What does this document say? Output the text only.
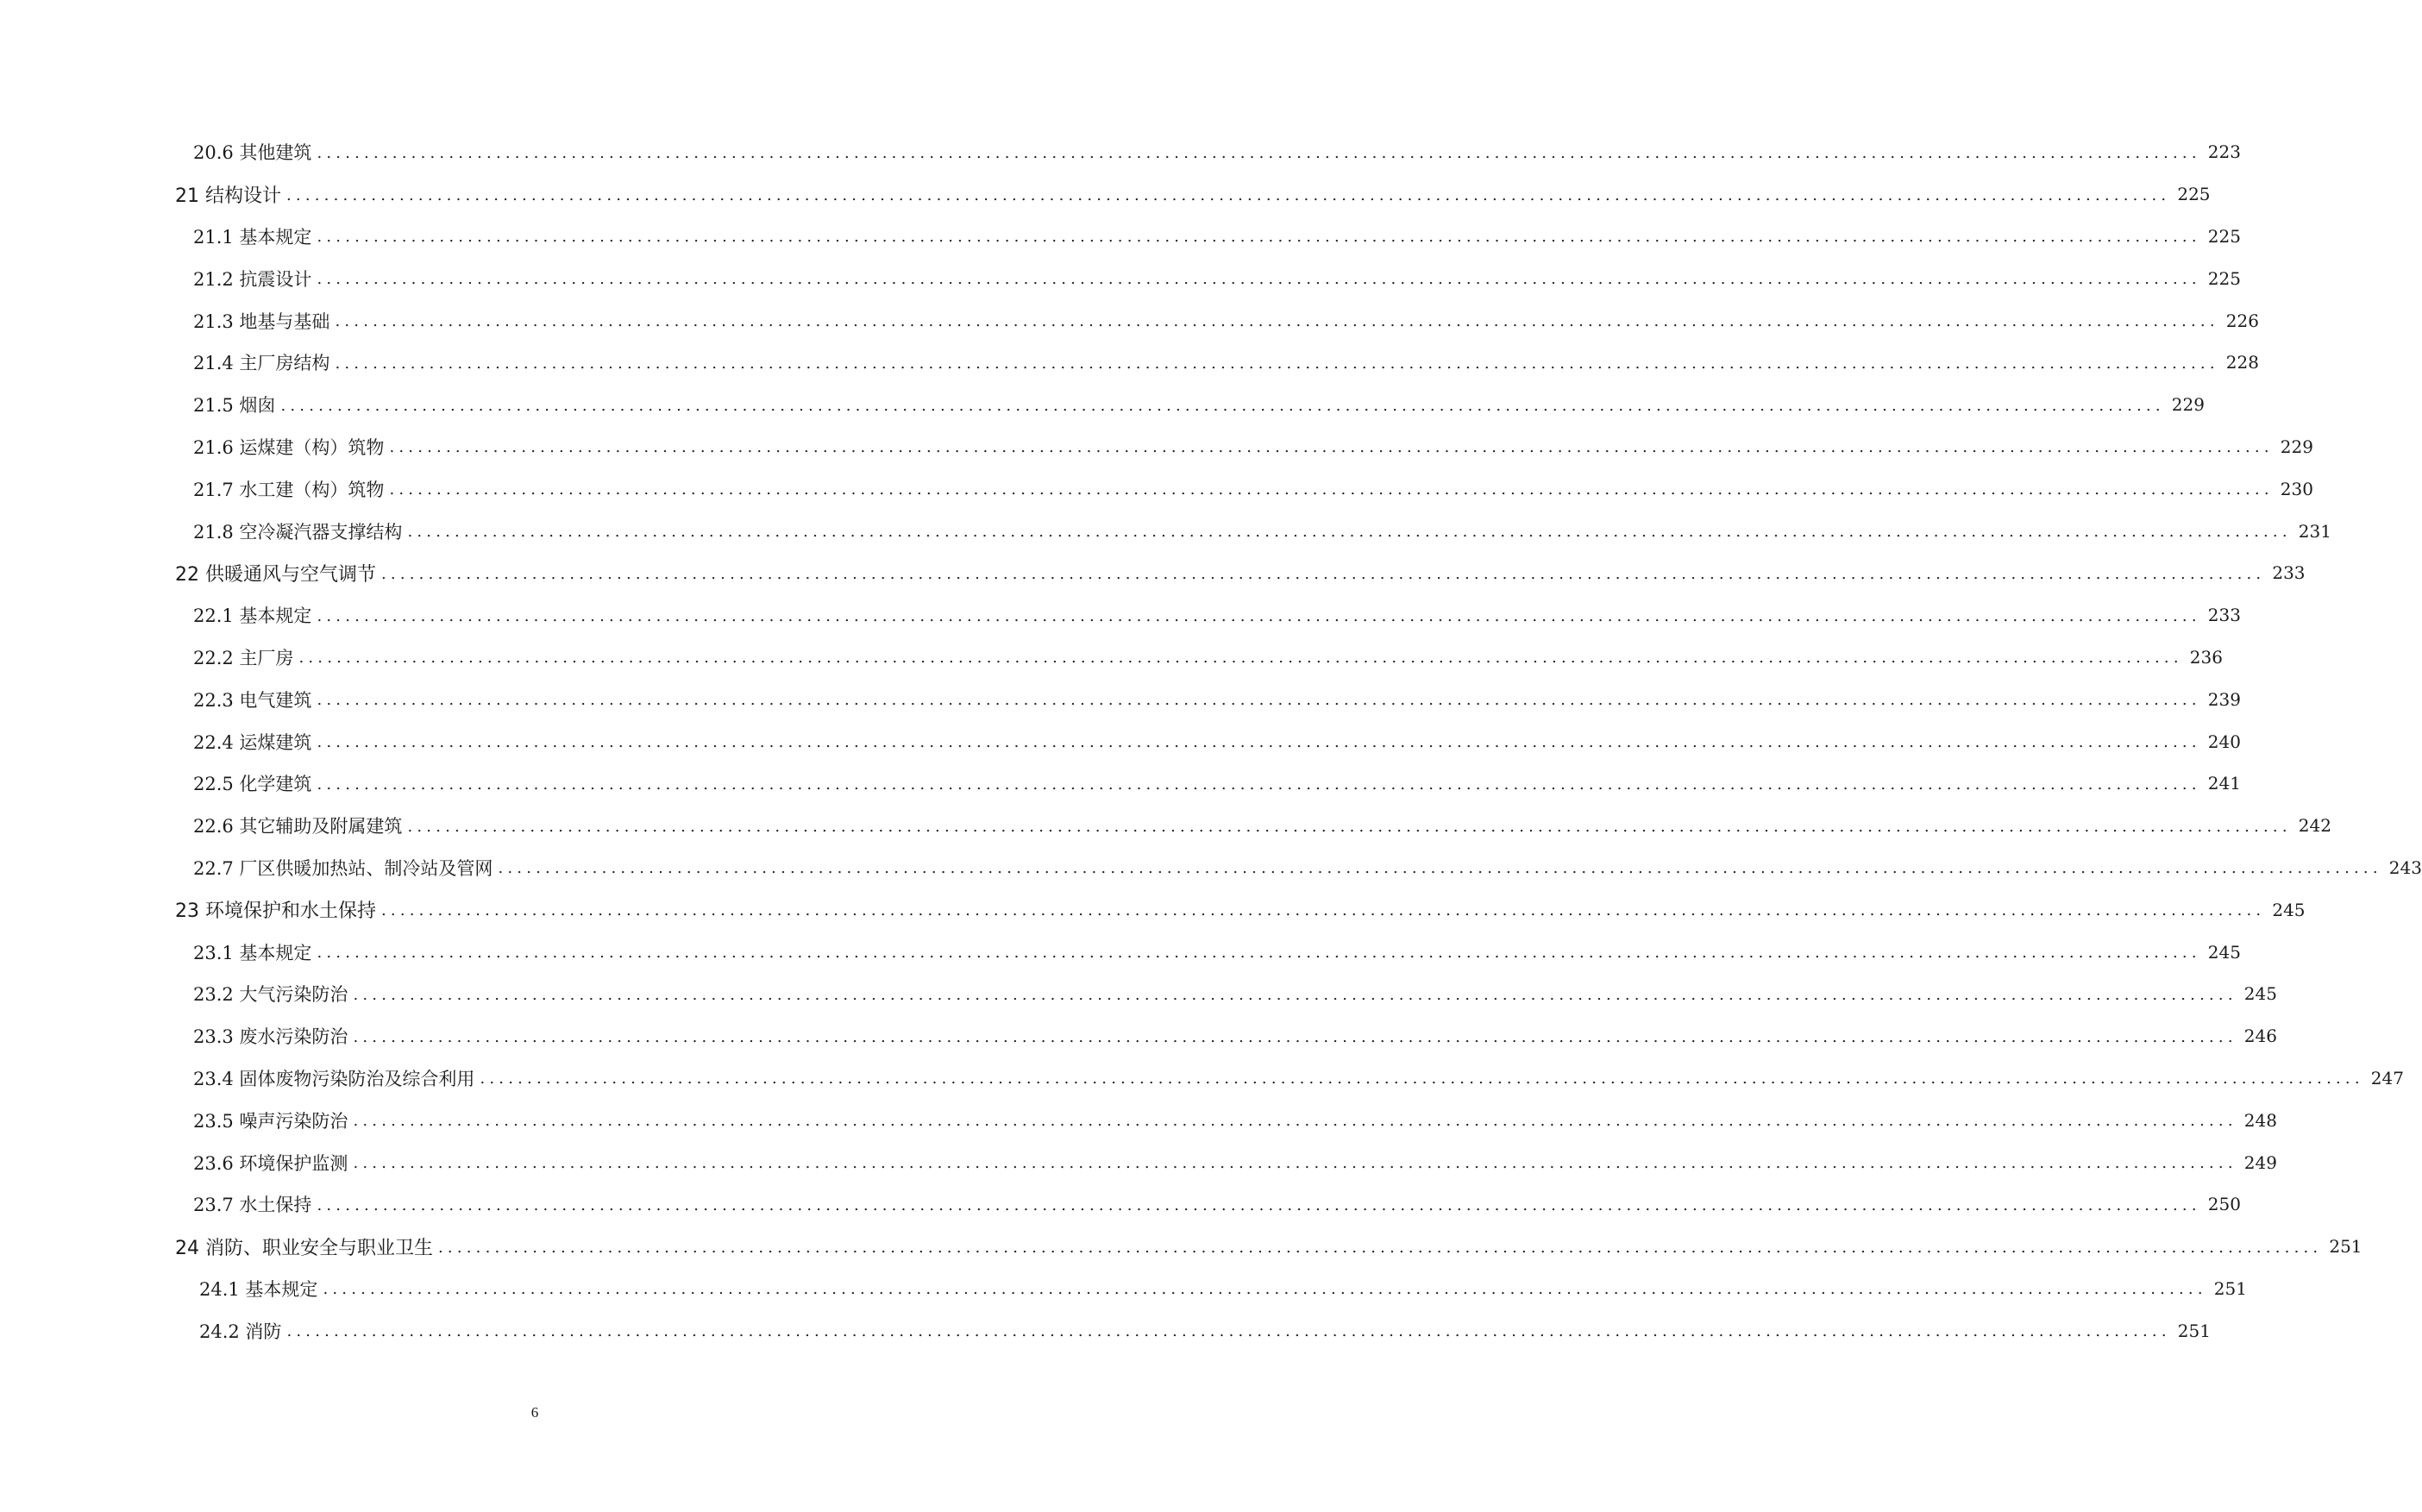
20.6 其他建筑 ........................................................................................................................................................................................................ 223
21 结构设计 ........................................................................................................................................................................................................ 225
21.1 基本规定 ........................................................................................................................................................................................................ 225
21.2 抗震设计 ........................................................................................................................................................................................................ 225
21.3 地基与基础 ........................................................................................................................................................................................................ 226
21.4 主厂房结构 ........................................................................................................................................................................................................ 228
21.5 烟囱 ........................................................................................................................................................................................................ 229
21.6 运煤建（构）筑物 ........................................................................................................................................................................................................ 229
21.7 水工建（构）筑物 ........................................................................................................................................................................................................ 230
21.8 空冷凝汽器支撑结构 ........................................................................................................................................................................................................ 231
22 供暖通风与空气调节 ........................................................................................................................................................................................................ 233
22.1 基本规定 ........................................................................................................................................................................................................ 233
22.2 主厂房 ........................................................................................................................................................................................................ 236
22.3 电气建筑 ........................................................................................................................................................................................................ 239
22.4 运煤建筑 ........................................................................................................................................................................................................ 240
22.5 化学建筑 ........................................................................................................................................................................................................ 241
22.6 其它辅助及附属建筑 ........................................................................................................................................................................................................ 242
22.7 厂区供暖加热站、制冷站及管网 ........................................................................................................................................................................................................ 243
23 环境保护和水土保持 ........................................................................................................................................................................................................ 245
23.1 基本规定 ........................................................................................................................................................................................................ 245
23.2 大气污染防治 ........................................................................................................................................................................................................ 245
23.3 废水污染防治 ........................................................................................................................................................................................................ 246
23.4 固体废物污染防治及综合利用 ........................................................................................................................................................................................................ 247
23.5 噪声污染防治 ........................................................................................................................................................................................................ 248
23.6 环境保护监测 ........................................................................................................................................................................................................ 249
23.7 水土保持 ........................................................................................................................................................................................................ 250
24 消防、职业安全与职业卫生 ........................................................................................................................................................................................................ 251
24.1 基本规定 ........................................................................................................................................................................................................ 251
24.2 消防 ........................................................................................................................................................................................................ 251
6
